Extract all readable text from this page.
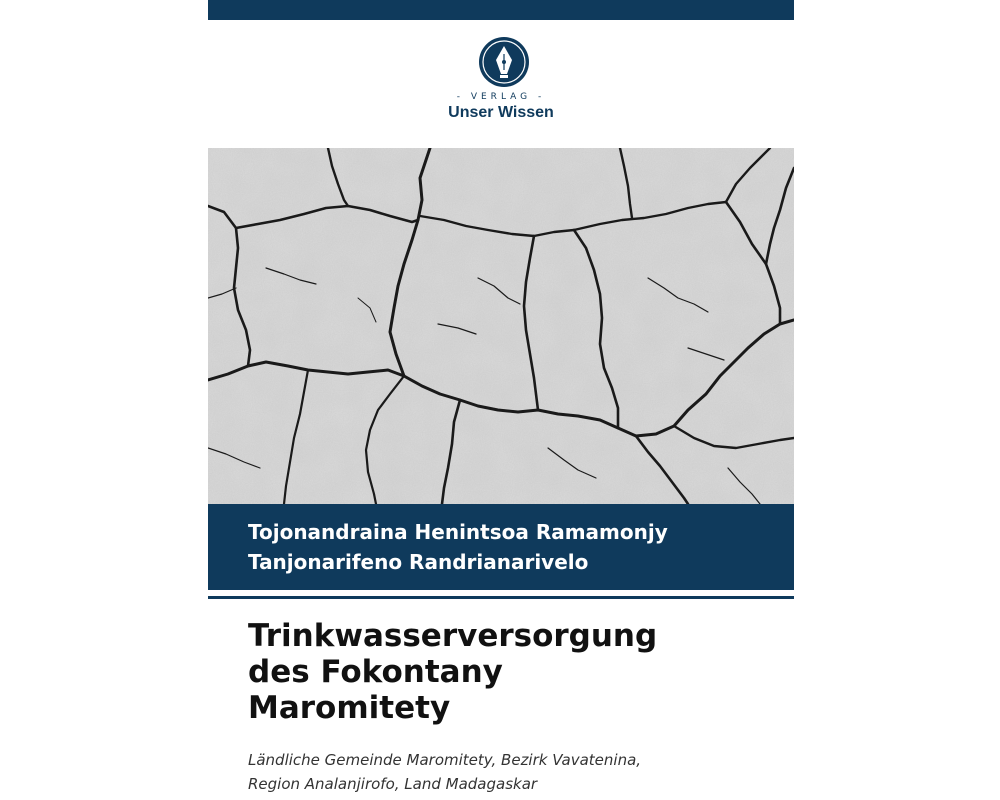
- VERLAG -
Unser Wissen
Tojonandraina Henintsoa Ramamonjy
Tanjonarifeno Randrianarivelo
Trinkwasserversorgung
des Fokontany
Maromitety
Ländliche Gemeinde Maromitety, Bezirk Vavatenina,
Region Analanjirofo, Land Madagaskar
